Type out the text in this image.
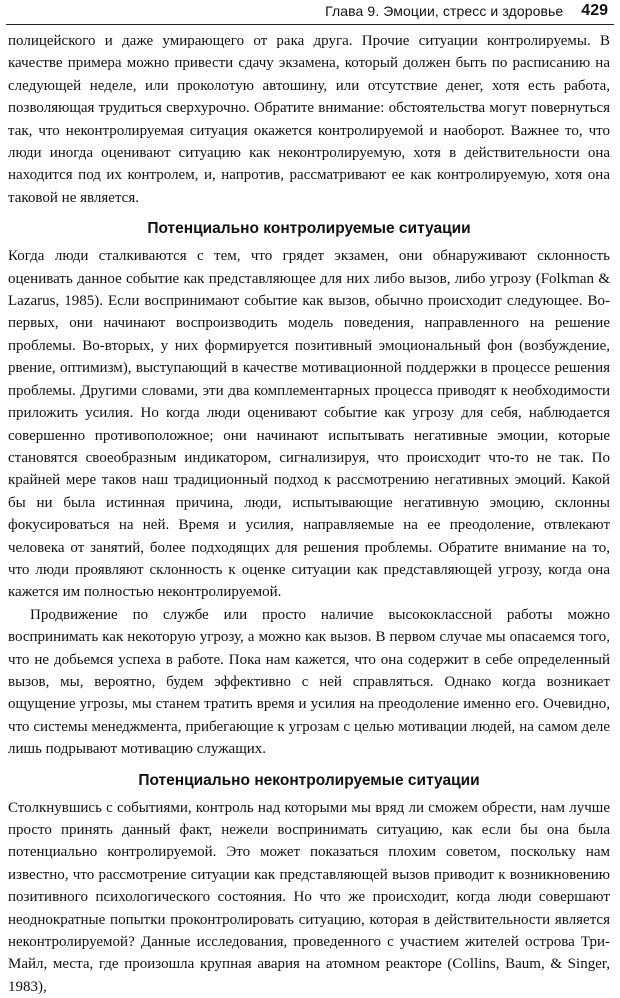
Глава 9. Эмоции, стресс и здоровье 429

полицейского и даже умирающего от рака друга. Прочие ситуации контролируемы. В качестве примера можно привести сдачу экзамена, который должен быть по расписанию на следующей неделе, или проколотую автошину, или отсутствие денег, хотя есть работа, позволяющая трудиться сверхурочно. Обратите внимание: обстоятельства могут повернуться так, что неконтролируемая ситуация окажется контролируемой и наоборот. Важнее то, что люди иногда оценивают ситуацию как неконтролируемую, хотя в действительности она находится под их контролем, и, напротив, рассматривают ее как контролируемую, хотя она таковой не является.

Потенциально контролируемые ситуации

Когда люди сталкиваются с тем, что грядет экзамен, они обнаруживают склонность оценивать данное событие как представляющее для них либо вызов, либо угрозу (Folkman & Lazarus, 1985). Если воспринимают событие как вызов, обычно происходит следующее. Во-первых, они начинают воспроизводить модель поведения, направленного на решение проблемы. Во-вторых, у них формируется позитивный эмоциональный фон (возбуждение, рвение, оптимизм), выступающий в качестве мотивационной поддержки в процессе решения проблемы. Другими словами, эти два комплементарных процесса приводят к необходимости приложить усилия. Но когда люди оценивают событие как угрозу для себя, наблюдается совершенно противоположное; они начинают испытывать негативные эмоции, которые становятся своеобразным индикатором, сигнализируя, что происходит что-то не так. По крайней мере таков наш традиционный подход к рассмотрению негативных эмоций. Какой бы ни была истинная причина, люди, испытывающие негативную эмоцию, склонны фокусироваться на ней. Время и усилия, направляемые на ее преодоление, отвлекают человека от занятий, более подходящих для решения проблемы. Обратите внимание на то, что люди проявляют склонность к оценке ситуации как представляющей угрозу, когда она кажется им полностью неконтролируемой.

Продвижение по службе или просто наличие высококлассной работы можно воспринимать как некоторую угрозу, а можно как вызов. В первом случае мы опасаемся того, что не добьемся успеха в работе. Пока нам кажется, что она содержит в себе определенный вызов, мы, вероятно, будем эффективно с ней справляться. Однако когда возникает ощущение угрозы, мы станем тратить время и усилия на преодоление именно его. Очевидно, что системы менеджмента, прибегающие к угрозам с целью мотивации людей, на самом деле лишь подрывают мотивацию служащих.

Потенциально неконтролируемые ситуации

Столкнувшись с событиями, контроль над которыми мы вряд ли сможем обрести, нам лучше просто принять данный факт, нежели воспринимать ситуацию, как если бы она была потенциально контролируемой. Это может показаться плохим советом, поскольку нам известно, что рассмотрение ситуации как представляющей вызов приводит к возникновению позитивного психологического состояния. Но что же происходит, когда люди совершают неоднократные попытки проконтролировать ситуацию, которая в действительности является неконтролируемой? Данные исследования, проведенного с участием жителей острова Три-Майл, места, где произошла крупная авария на атомном реакторе (Collins, Baum, & Singer, 1983),
